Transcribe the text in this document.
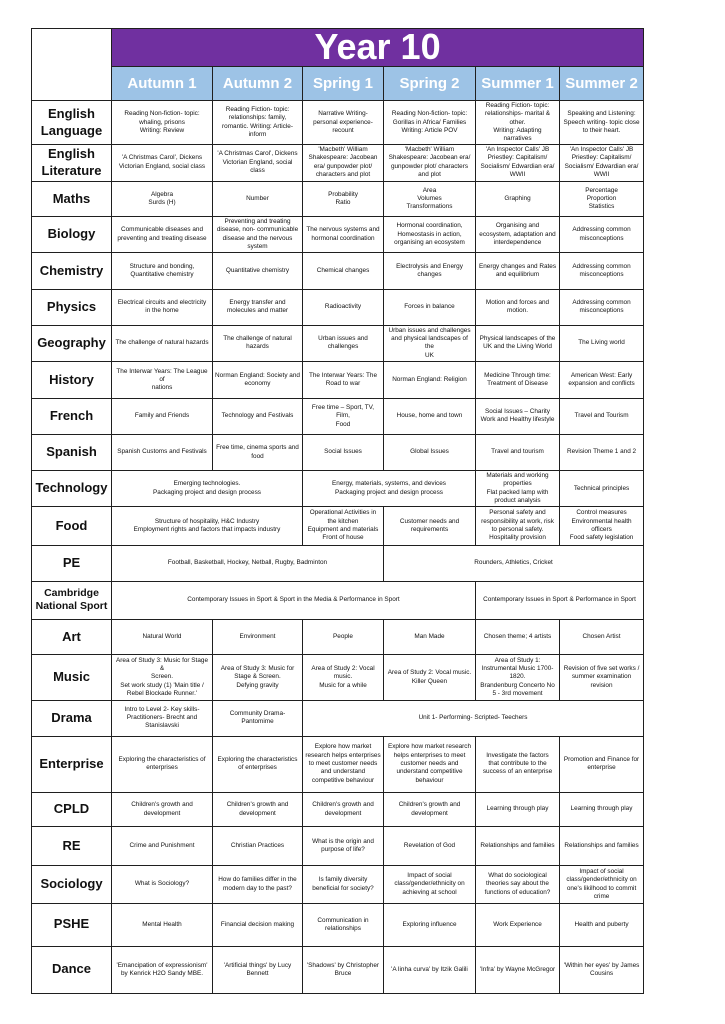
	Year 10					
	Autumn 1	Autumn 2	Spring 1	Spring 2	Summer 1	Summer 2
English Language	Reading Non-fiction- topic:
whaling, prisons
Writing: Review	Reading Fiction- topic:
relationships: family,
romantic. Writing: Article-
inform	Narrative Writing-
personal experience-
recount	Reading Non-fiction- topic:
Gorillas in Africa/ Families
Writing: Article POV	Reading Fiction- topic:
relationships- marital &
other.
Writing: Adapting
narratives	Speaking and Listening:
Speech writing- topic close
to their heart.
English Literature	'A Christmas Carol', Dickens
Victorian England, social class	'A Christmas Carol', Dickens
Victorian England, social
class	'Macbeth' William
Shakespeare: Jacobean
era/ gunpowder plot/
characters and plot	'Macbeth' William
Shakespeare: Jacobean era/
gunpowder plot/ characters
and plot	'An Inspector Calls' JB
Priestley: Capitalism/
Socialism/ Edwardian era/
WWII	'An Inspector Calls' JB
Priestley: Capitalism/
Socialism/ Edwardian era/
WWII
Maths	Algebra
Surds (H)	Number	Probability
Ratio	Area
Volumes
Transformations	Graphing	Percentage
Proportion
Statistics
Biology	Communicable diseases and
preventing and treating disease	Preventing and treating
disease, non- communicable
disease and the nervous
system	The nervous systems and
hormonal coordination	Hormonal coordination,
Homeostasis in action,
organising an ecosystem	Organising and
ecosystem, adaptation and
interdependence	Addressing common
misconceptions
Chemistry	Structure and bonding,
Quantitative chemistry	Quantitative chemistry	Chemical changes	Electrolysis and Energy
changes	Energy changes and Rates
and equilibrium	Addressing common
misconceptions
Physics	Electrical circuits and electricity
in the home	Energy transfer and
molecules and matter	Radioactivity	Forces in balance	Motion and forces and
motion.	Addressing common
misconceptions
Geography	The challenge of natural hazards	The challenge of natural
hazards	Urban issues and
challenges	Urban issues and challenges
and physical landscapes of the
UK	Physical landscapes of the
UK and the Living World	The Living world
History	The Interwar Years: The League of
nations	Norman England: Society and
economy	The Interwar Years: The
Road to war	Norman England: Religion	Medicine Through time:
Treatment of Disease	American West: Early
expansion and conflicts
French	Family and Friends	Technology and Festivals	Free time – Sport, TV, Film,
Food	House, home and town	Social Issues – Charity
Work and Healthy lifestyle	Travel and Tourism
Spanish	Spanish Customs and Festivals	Free time, cinema sports and
food	Social Issues	Global Issues	Travel and tourism	Revision Theme 1 and 2
Technology	Emerging technologies.
Packaging project and design process		Energy, materials, systems, and devices
Packaging project and design process		Materials and working
properties
Flat packed lamp with
product analysis	Technical principles
Food	Structure of hospitality, H&C Industry
Employment rights and factors that impacts industry		Operational Activities in
the kitchen
Equipment and materials
Front of house	Customer needs and
requirements	Personal safety and
responsibility at work, risk
to personal safety.
Hospitality provision	Control measures
Environmental health
officers
Food safety legislation
PE	Football, Basketball, Hockey, Netball, Rugby, Badminton			Rounders, Athletics, Cricket		
Cambridge National Sport	Contemporary Issues in Sport & Sport in the Media & Performance in Sport				Contemporary Issues in Sport & Performance in Sport	
Art	Natural World	Environment	People	Man Made	Chosen theme; 4 artists	Chosen Artist
Music	Area of Study 3: Music for Stage &
Screen.
Set work study (1) 'Main title /
Rebel Blockade Runner.'	Area of Study 3: Music for
Stage & Screen.
Defying gravity	Area of Study 2: Vocal
music.
Music for a while	Area of Study 2: Vocal music.
Killer Queen	Area of Study 1:
Instrumental Music 1700-
1820.
Brandenburg Concerto No
5 - 3rd movement	Revision of five set works /
summer examination
revision
Drama	Intro to Level 2- Key skills-
Practitioners- Brecht and
Stanislavski	Community Drama-
Pantomime	Unit 1- Performing- Scripted- Teechers			
Enterprise	Exploring the characteristics of
enterprises	Exploring the characteristics
of enterprises	Explore how market
research helps enterprises
to meet customer needs
and understand
competitive behaviour	Explore how market research
helps enterprises to meet
customer needs and
understand competitive
behaviour	Investigate the factors
that contribute to the
success of an enterprise	Promotion and Finance for
enterprise
CPLD	Children's growth and
development	Children's growth and
development	Children's growth and
development	Children's growth and
development	Learning through play	Learning through play
RE	Crime and Punishment	Christian Practices	What is the origin and
purpose of life?	Revelation of God	Relationships and families	Relationships and families
Sociology	What is Sociology?	How do families differ in the
modern day to the past?	Is family diversity
beneficial for society?	Impact of social
class/gender/ethnicity on
achieving at school	What do sociological
theories say about the
functions of education?	Impact of social
class/gender/ethnicity on
one's likilhood to commit
crime
PSHE	Mental Health	Financial decision making	Communication in
relationships	Exploring influence	Work Experience	Health and puberty
Dance	'Emancipation of expressionism'
by Kenrick H2O Sandy MBE.	'Artificial things' by Lucy
Bennett	'Shadows' by Christopher
Bruce	'A linha curva' by Itzik Galili	'Infra' by Wayne McGregor	'Within her eyes' by James
Cousins
